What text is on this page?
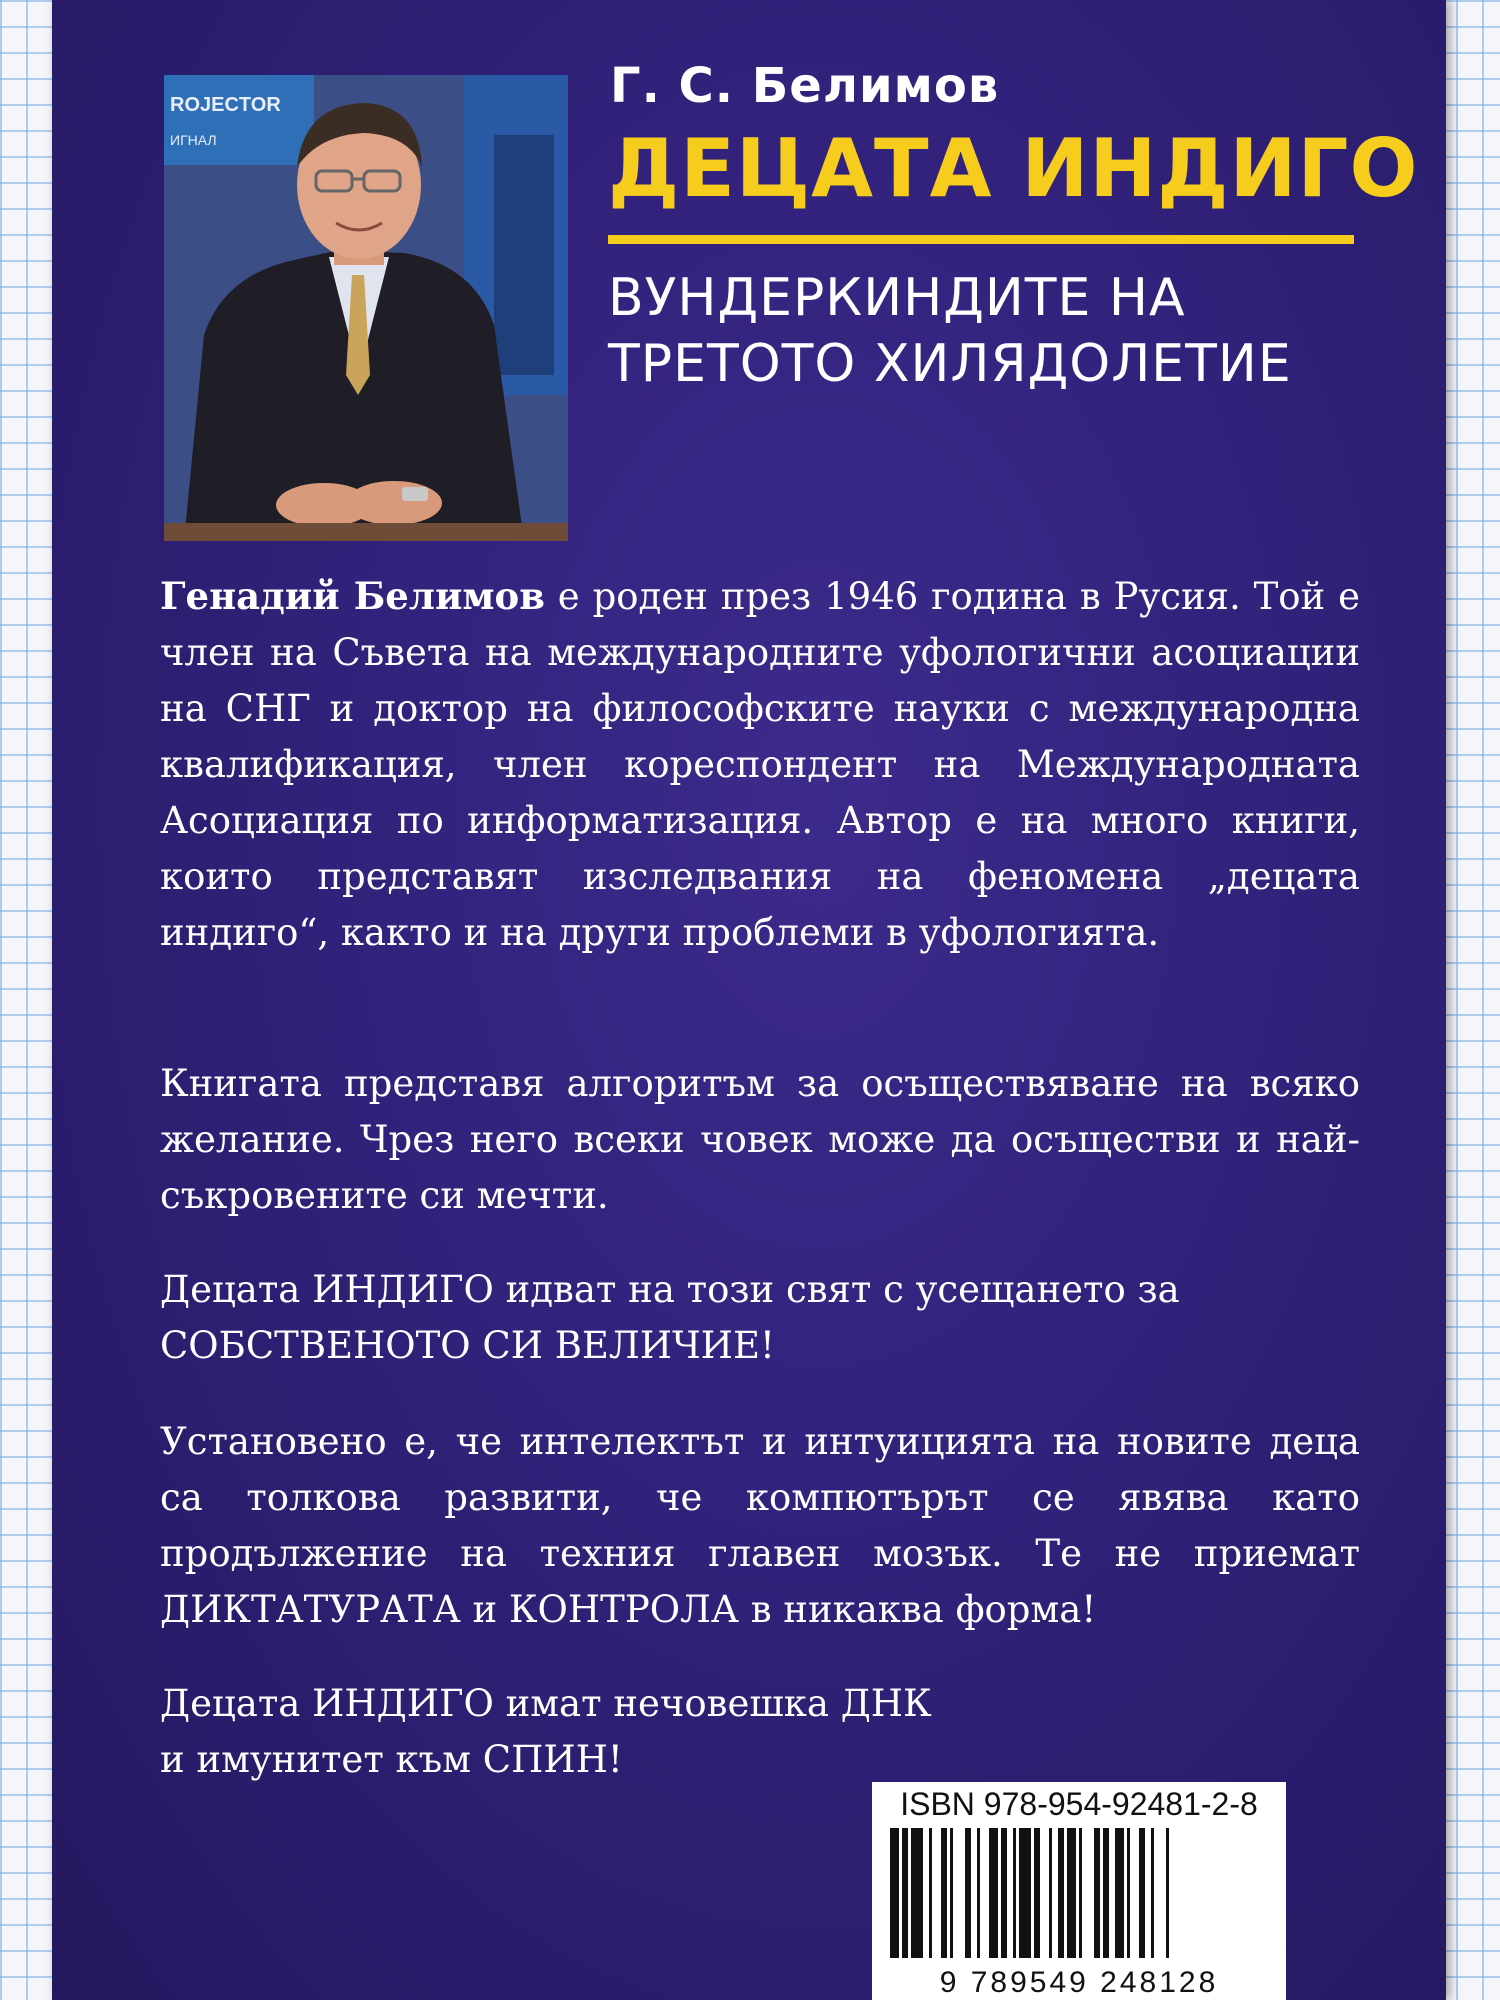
ROJECTOR
ИГНАЛ
Г. С. Белимов
ДЕЦАТА ИНДИГО
ВУНДЕРКИНДИТЕ НА
ТРЕТОТО ХИЛЯДОЛЕТИЕ
Генадий Белимов е роден през 1946 година в Русия. Той е член на Съвета на международните уфологични асоциации на СНГ и доктор на философските науки с международна квалификация, член кореспондент на Международната Асоциация по информатизация. Автор е на много книги, които представят изследвания на феномена „децата индиго“, както и на други проблеми в уфологията.
Книгата представя алгоритъм за осъществяване на всяко желание. Чрез него всеки човек може да осъществи и най-съкровените си мечти.
Децата ИНДИГО идват на този свят с усещането за СОБСТВЕНОТО СИ ВЕЛИЧИЕ!
Установено е, че интелектът и интуицията на новите деца са толкова развити, че компютърът се явява като продължение на техния главен мозък. Те не приемат ДИКТАТУРАТА и КОНТРОЛА в никаква форма!
Децата ИНДИГО имат нечовешка ДНК
и имунитет към СПИН!
ISBN 978-954-92481-2-8
9 789549 248128
